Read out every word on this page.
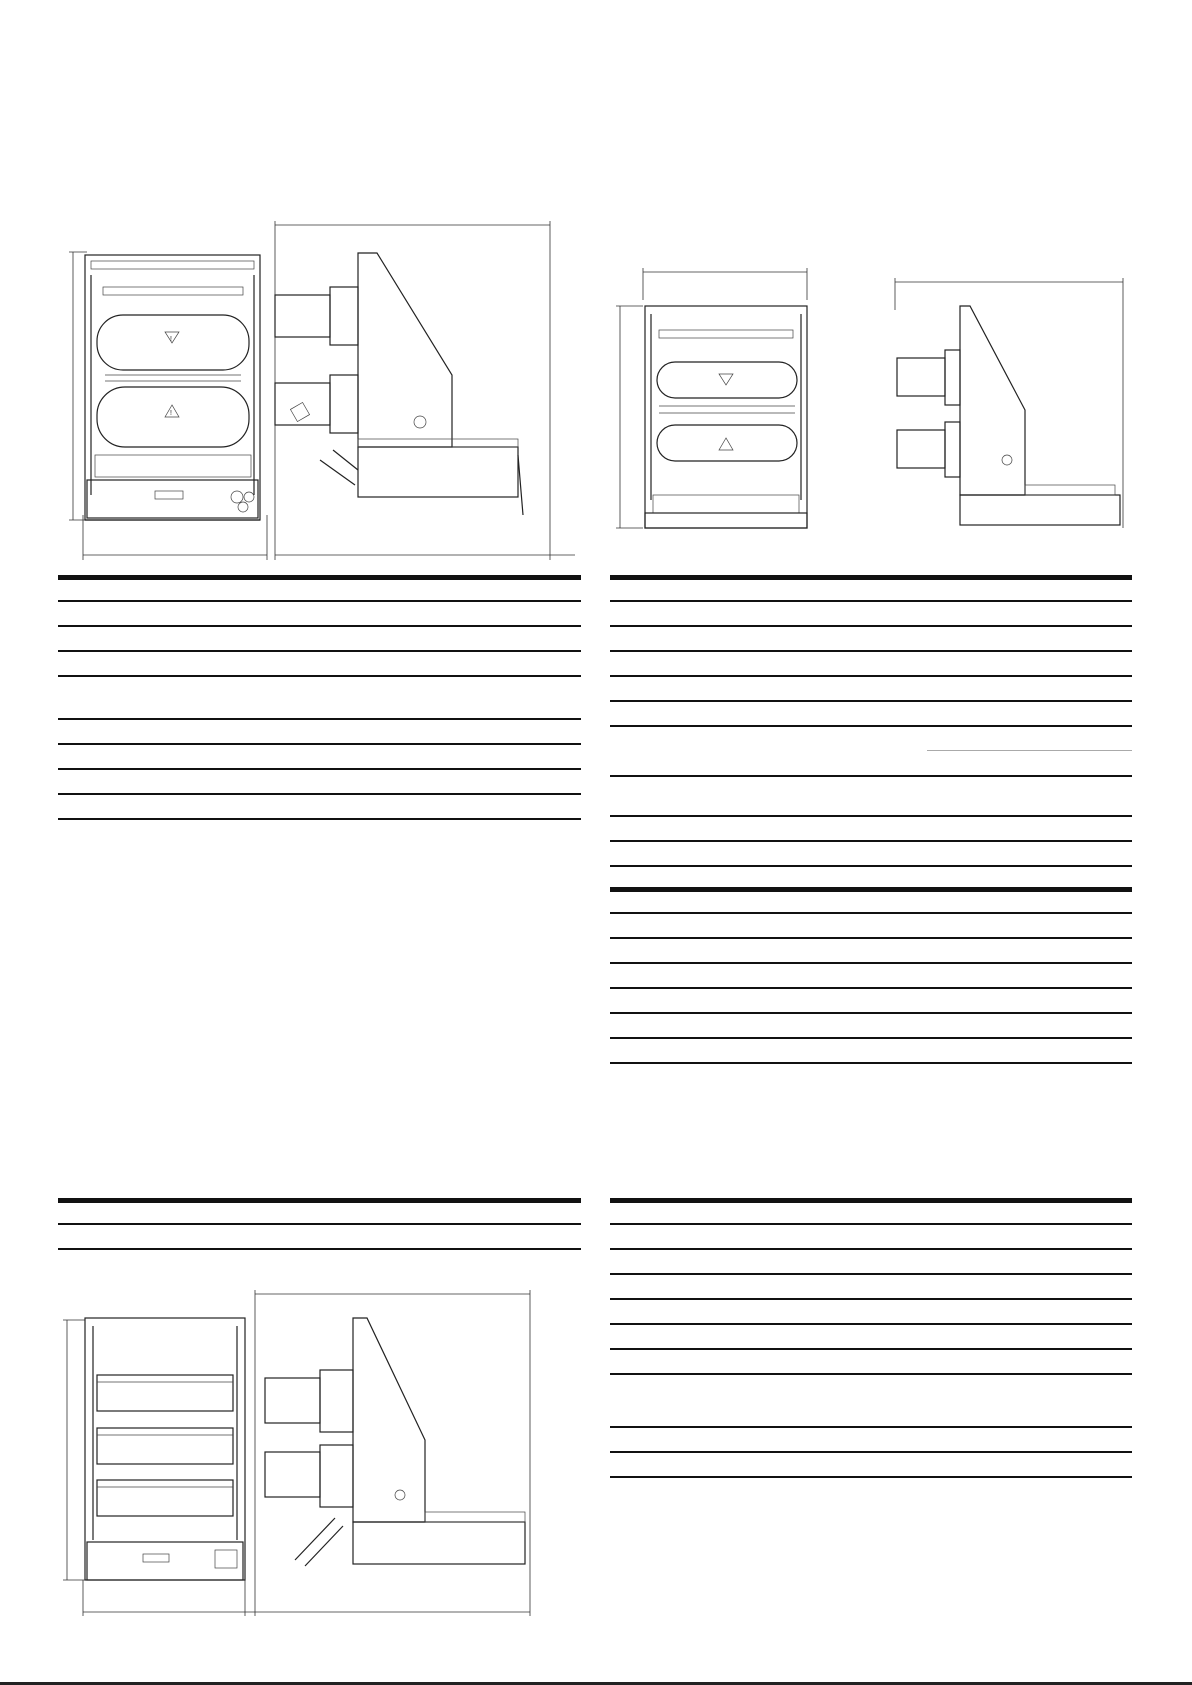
!
!
